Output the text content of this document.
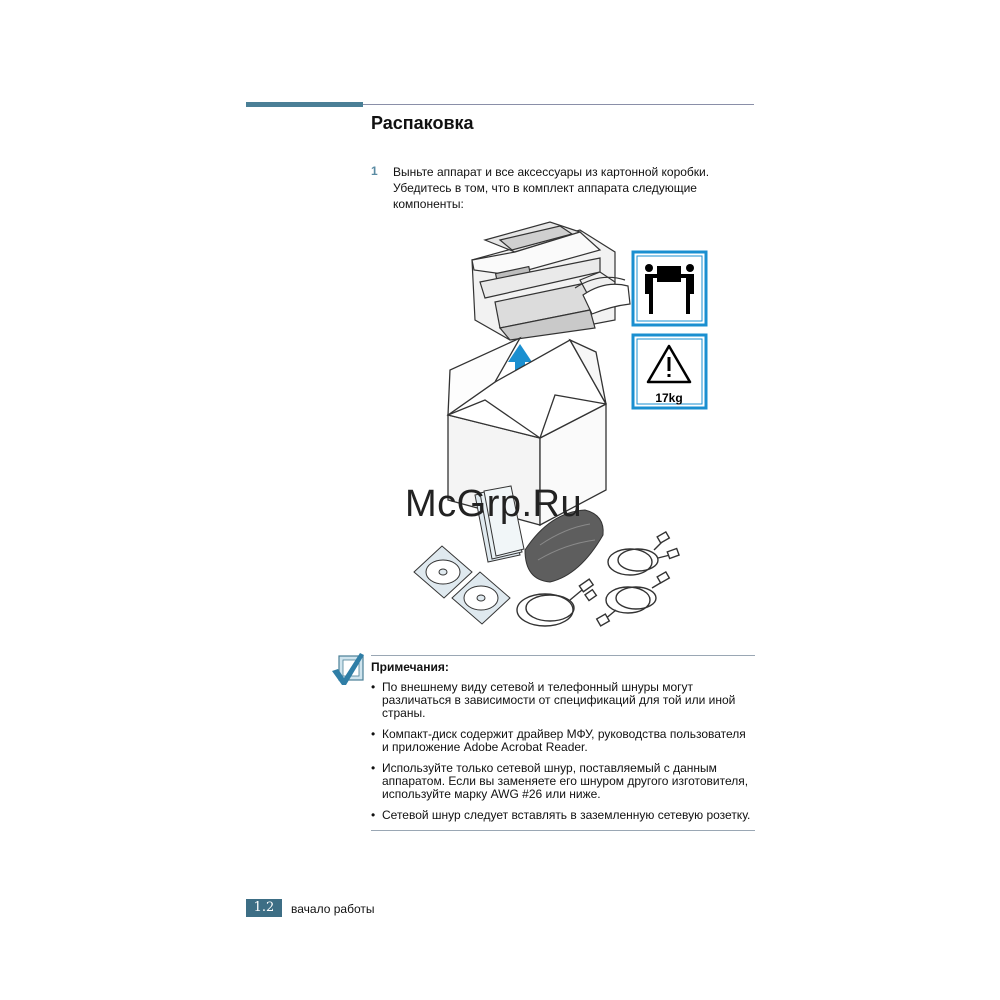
Распаковка
1 Выньте аппарат и все аксессуары из картонной коробки. Убедитесь в том, что в комплект аппарата следующие компоненты:
17kg
McGrp.Ru
Примечания:
• По внешнему виду сетевой и телефонный шнуры могут различаться в зависимости от спецификаций для той или иной страны.
• Компакт-диск содержит драйвер МФУ, руководства пользователя и приложение Adobe Acrobat Reader.
• Используйте только сетевой шнур, поставляемый с данным аппаратом. Если вы заменяете его шнуром другого изготовителя, используйте марку AWG #26 или ниже.
• Сетевой шнур следует вставлять в заземленную сетевую розетку.
1.2	вачало работы
